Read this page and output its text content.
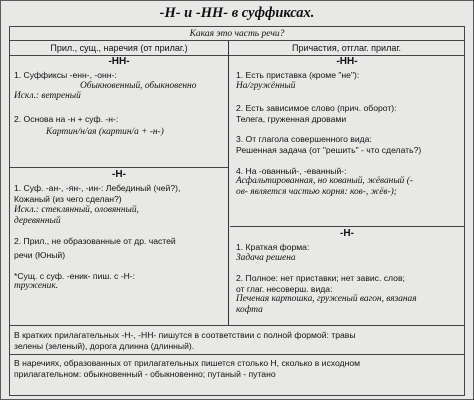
-Н- и -НН- в суффиксах.
Какая это часть речи?
Прил., сущ., наречия (от прилаг.)	Причастия, отглаг. прилаг.
-НН-
1. Суффиксы -енн-, -онн-:
Обыкновенный, обыкновенно
Искл.: ветреный
2. Основа на -н + суф. -н-:
Картин/н/ая (картин/а + -н-)
-Н-
1. Суф. -ан-, -ян-, -ин-: Лебединый (чей?),
Кожаный (из чего сделан?)
Искл.: стеклянный, оловянный,
деревянный
2. Прил., не образованные от др. частей
речи (Юный)
*Сущ. с суф. -еник- пиш. с -Н-:
труженик.
-НН-
1. Есть приставка (кроме "не"):
На/гружённый
2. Есть зависимое слово (прич. оборот):
Телега, груженная дровами
3. От глагола совершенного вида:
Решенная задача (от "решить" - что сделать?)
4. На -ованный-, -еванный-:
Асфальтированная, но кованый, жёваный (-
ов- является частью корня: ков-, жёв-);
-Н-
1. Краткая форма:
Задача решена
2. Полное: нет приставки; нет завис. слов;
от глаг. несоверш. вида:
Печеная картошка, груженый вагон, вязаная
кофта
В кратких прилагательных -Н-, -НН- пишутся в соответствии с полной формой: травы
зелены (зеленый), дорога длинна (длинный).
В наречиях, образованных от прилагательных пишется столько Н, сколько в исходном
прилагательном: обыкновенный - обыкновенно; путаный - путано
